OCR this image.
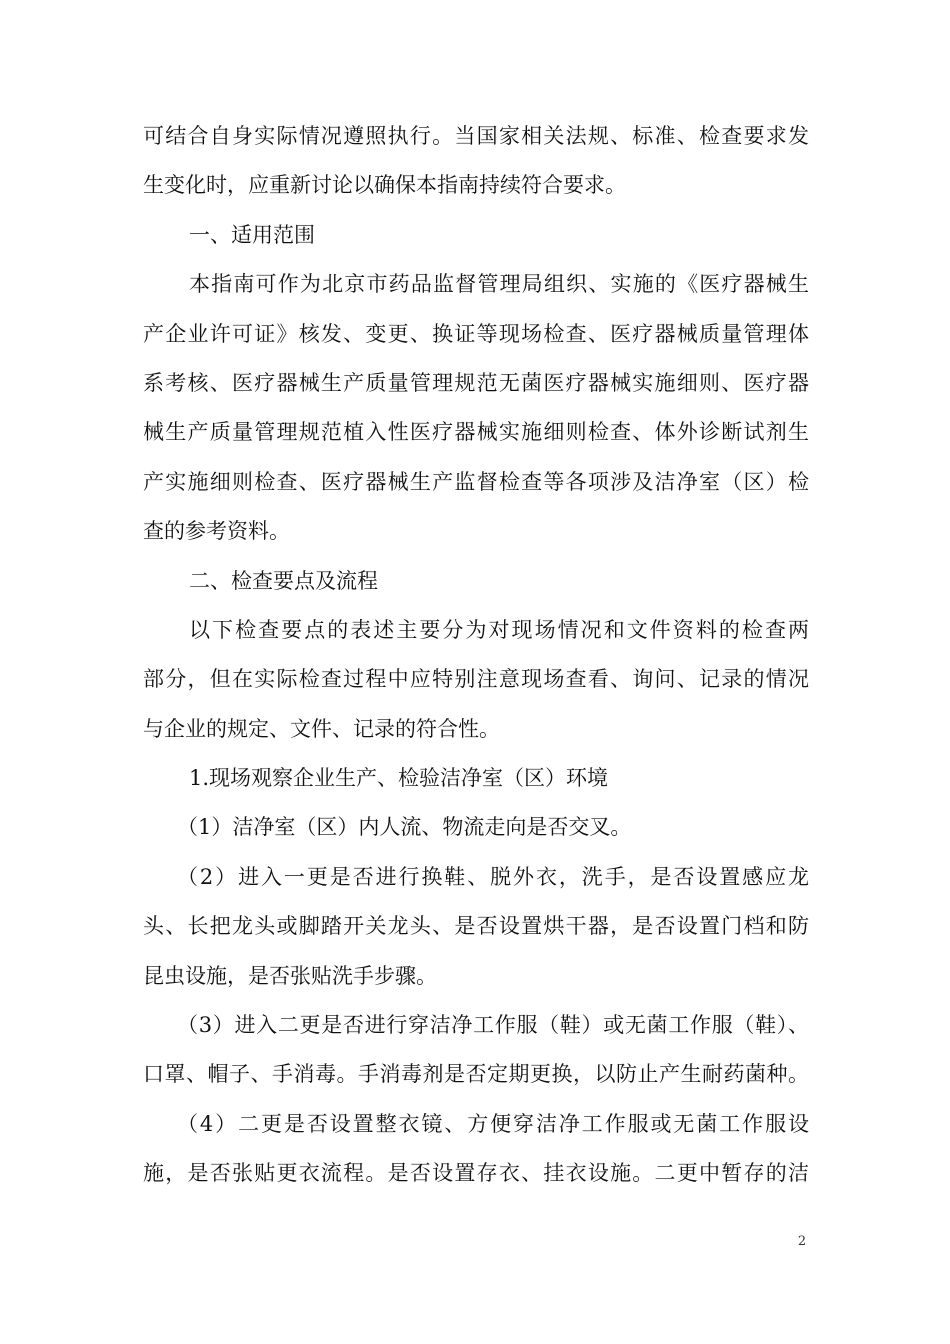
可结合自身实际情况遵照执行。当国家相关法规、标准、检查要求发
生变化时，应重新讨论以确保本指南持续符合要求。
一、适用范围
本指南可作为北京市药品监督管理局组织、实施的《医疗器械生
产企业许可证》核发、变更、换证等现场检查、医疗器械质量管理体
系考核、医疗器械生产质量管理规范无菌医疗器械实施细则、医疗器
械生产质量管理规范植入性医疗器械实施细则检查、体外诊断试剂生
产实施细则检查、医疗器械生产监督检查等各项涉及洁净室（区）检
查的参考资料。
二、检查要点及流程
以下检查要点的表述主要分为对现场情况和文件资料的检查两
部分，但在实际检查过程中应特别注意现场查看、询问、记录的情况
与企业的规定、文件、记录的符合性。
1.现场观察企业生产、检验洁净室（区）环境
（1）洁净室（区）内人流、物流走向是否交叉。
（2）进入一更是否进行换鞋、脱外衣，洗手，是否设置感应龙
头、长把龙头或脚踏开关龙头、是否设置烘干器，是否设置门档和防
昆虫设施，是否张贴洗手步骤。
（3）进入二更是否进行穿洁净工作服（鞋）或无菌工作服（鞋）、
口罩、帽子、手消毒。手消毒剂是否定期更换，以防止产生耐药菌种。
（4）二更是否设置整衣镜、方便穿洁净工作服或无菌工作服设
施，是否张贴更衣流程。是否设置存衣、挂衣设施。二更中暂存的洁
2
